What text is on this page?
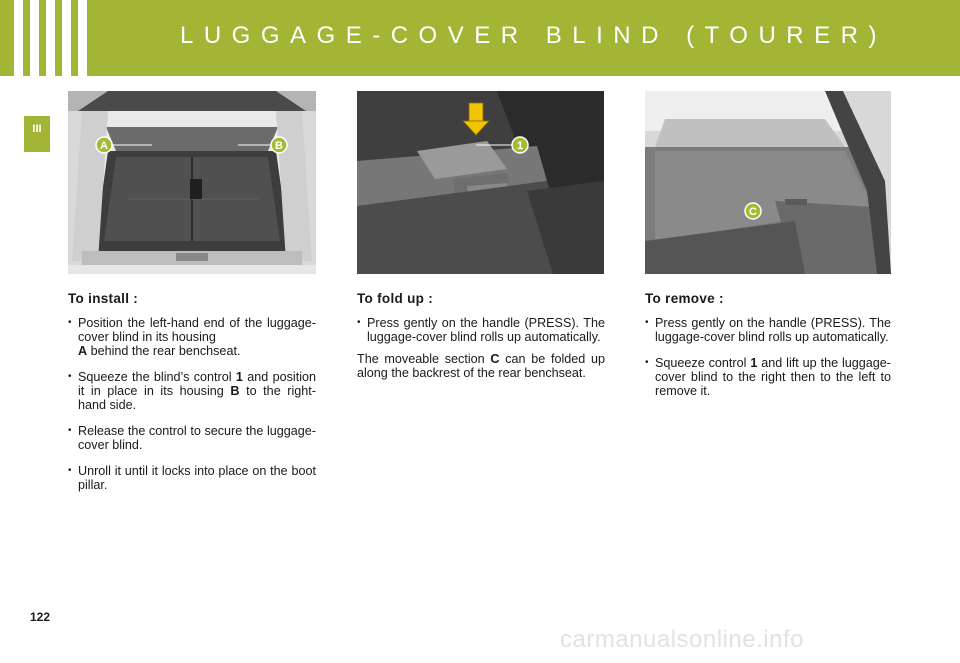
LUGGAGE-COVER BLIND (TOURER)
III
A	B	1
C
To install :
• Position the left-hand end of the luggage-cover blind in its housing
A behind the rear benchseat.
• Squeeze the blind’s control 1 and position it in place in its housing B to the right-hand side.
• Release the control to secure the luggage-cover blind.
• Unroll it until it locks into place on the boot pillar.
To fold up :
• Press gently on the handle (PRESS). The luggage-cover blind rolls up automatically.

The moveable section C can be folded up along the backrest of the rear benchseat.

To remove :
• Press gently on the handle (PRESS). The luggage-cover blind rolls up automatically.
• Squeeze control 1 and lift up the luggage-cover blind to the right then to the left to remove it.
122
carmanualsonline.info
